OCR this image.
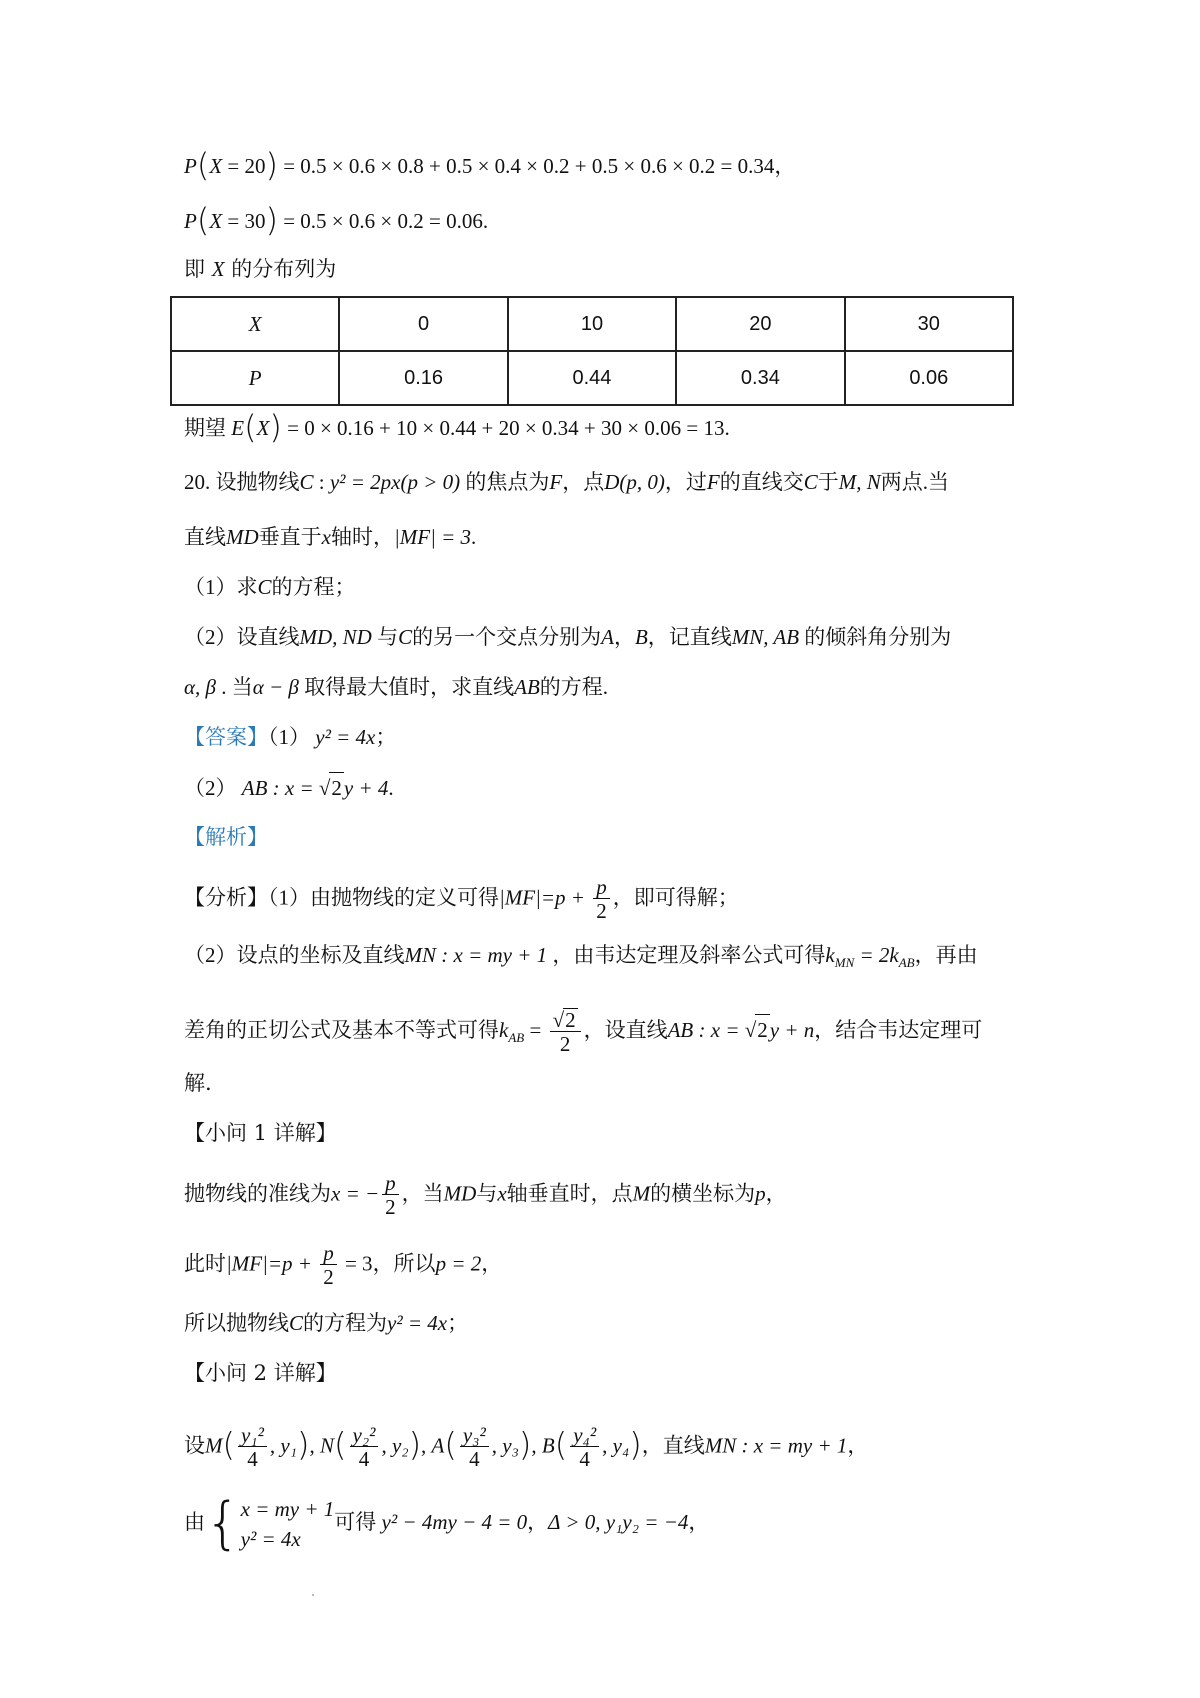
P(X = 20) = 0.5 × 0.6 × 0.8 + 0.5 × 0.4 × 0.2 + 0.5 × 0.6 × 0.2 = 0.34，
P(X = 30) = 0.5 × 0.6 × 0.2 = 0.06.
即 X 的分布列为
X	0	10	20	30
P	0.16	0.44	0.34	0.06
期望 E(X) = 0 × 0.16 + 10 × 0.44 + 20 × 0.34 + 30 × 0.06 = 13.
20. 设抛物线C : y² = 2px(p > 0) 的焦点为F，点D(p, 0)，过F的直线交C于M, N两点.当
直线MD垂直于x轴时，|MF| = 3.
（1）求C的方程；
（2）设直线MD, ND 与C的另一个交点分别为A，B，记直线MN, AB 的倾斜角分别为
α, β . 当α − β 取得最大值时，求直线AB的方程.
【答案】（1） y² = 4x；
（2） AB : x = √2y + 4.
【解析】
【分析】（1）由抛物线的定义可得$|MF|=p + \frac{p}{2}$ ，即可得解；
（2）设点的坐标及直线MN : x = my + 1 ，由韦达定理及斜率公式可得$k_{MN} = 2k_{AB}$，再由
差角的正切公式及基本不等式可得$k_{AB} = \frac{√2}{2}$ ，设直线AB : x = √2y + n，结合韦达定理可
解.
【小问 1 详解】
抛物线的准线为x = − $\frac{p}{2}$ ，当MD与x轴垂直时，点M的横坐标为p，
此时$|MF|=p + \frac{p}{2} = 3$，所以p = 2，
所以抛物线C的方程为y² = 4x；
【小问 2 详解】
设$M( \frac{\text{y₁²}}{4}$ , y₁), $N( \frac{\text{y₂²}}{4}$ , y₂), $A( \frac{\text{y₃²}}{4}$ , y₃), $B( \frac{\text{y₄²}}{4}$ , y₄)，直线MN : x = my + 1，
由{ x = my + 1
y² = 4x
可得 y² − 4my − 4 = 0，Δ > 0, y₁y₂ = −4，
